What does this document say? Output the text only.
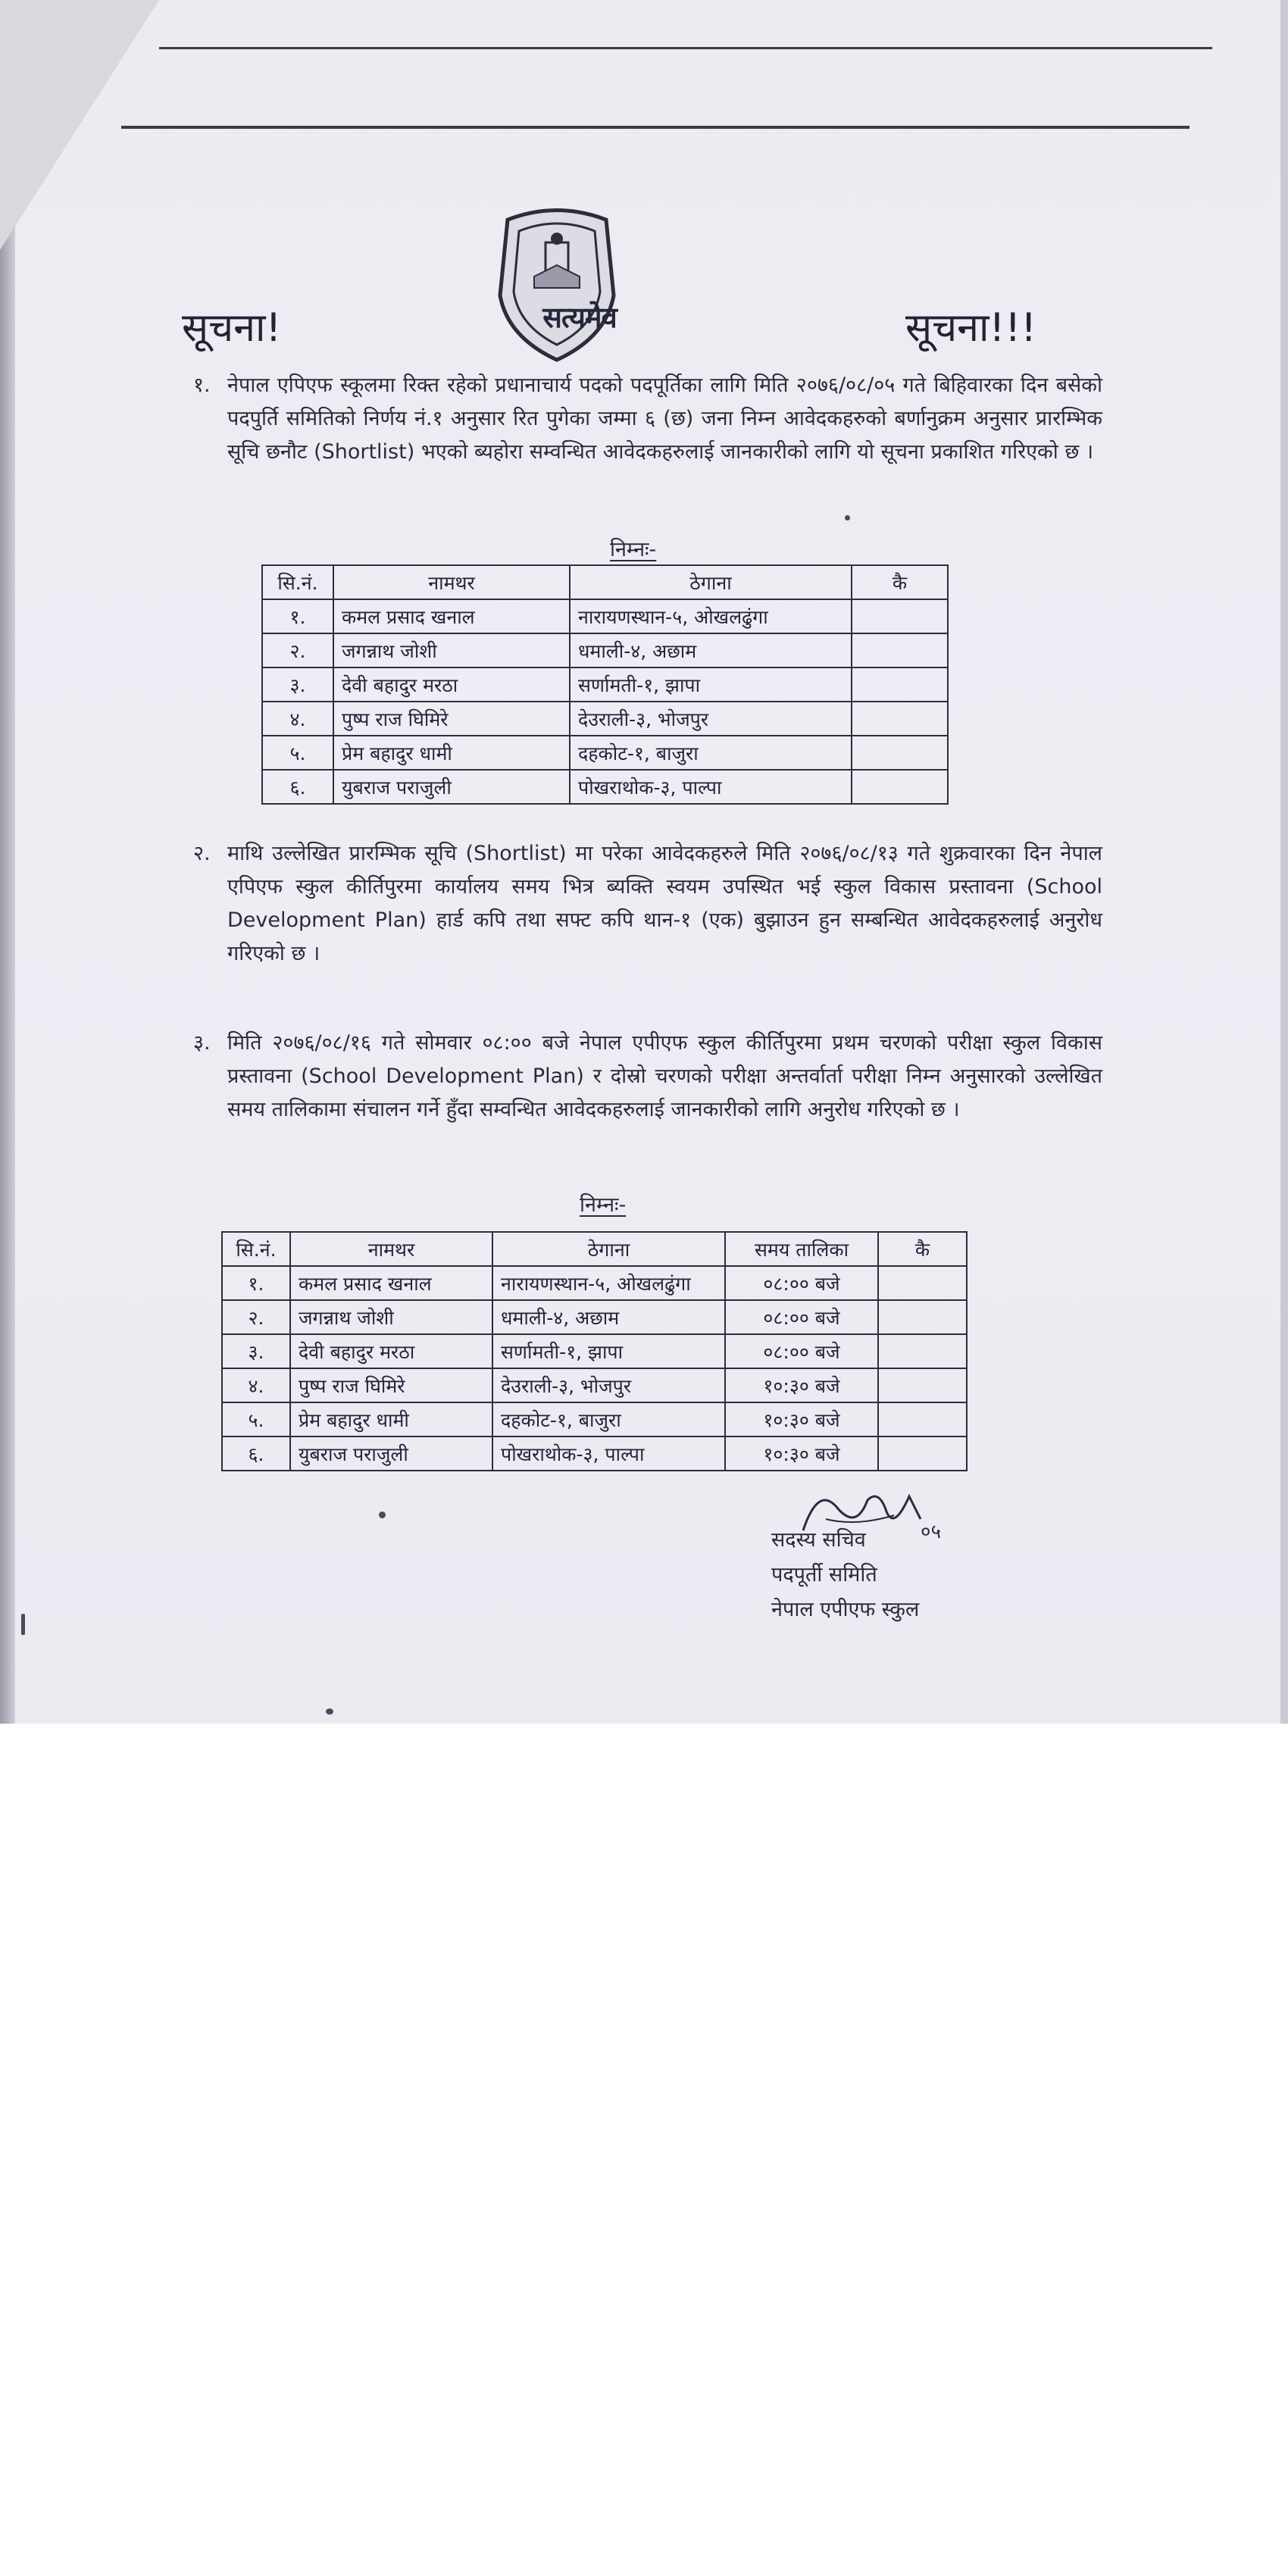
सूचना!	सूचना!!!
सत्यमेव
१. नेपाल एपिएफ स्कूलमा रिक्त रहेको प्रधानाचार्य पदको पदपूर्तिका लागि मिति २०७६/०८/०५ गते बिहिवारका दिन बसेको पदपुर्ति समितिको निर्णय नं.१ अनुसार रित पुगेका जम्मा ६ (छ) जना निम्न आवेदकहरुको बर्णानुक्रम अनुसार प्रारम्भिक सूचि छनौट (Shortlist) भएको ब्यहोरा सम्वन्धित आवेदकहरुलाई जानकारीको लागि यो सूचना प्रकाशित गरिएको छ ।
निम्नः-
सि.नं.	नामथर	ठेगाना	कै
१.	कमल प्रसाद खनाल	नारायणस्थान-५, ओखलढुंगा	
२.	जगन्नाथ जोशी	धमाली-४, अछाम	
३.	देवी बहादुर मरठा	सर्णामती-१, झापा	
४.	पुष्प राज घिमिरे	देउराली-३, भोजपुर	
५.	प्रेम बहादुर धामी	दहकोट-१, बाजुरा	
६.	युबराज पराजुली	पोखराथोक-३, पाल्पा	
२. माथि उल्लेखित प्रारम्भिक सूचि (Shortlist) मा परेका आवेदकहरुले मिति २०७६/०८/१३ गते शुक्रवारका दिन नेपाल एपिएफ स्कुल कीर्तिपुरमा कार्यालय समय भित्र ब्यक्ति स्वयम उपस्थित भई स्कुल विकास प्रस्तावना (School Development Plan) हार्ड कपि तथा सफ्ट कपि थान-१ (एक) बुझाउन हुन सम्बन्धित आवेदकहरुलाई अनुरोध गरिएको छ ।
३. मिति २०७६/०८/१६ गते सोमवार ०८:०० बजे नेपाल एपीएफ स्कुल कीर्तिपुरमा प्रथम चरणको परीक्षा स्कुल विकास प्रस्तावना (School Development Plan) र दोस्रो चरणको परीक्षा अन्तर्वार्ता परीक्षा निम्न अनुसारको उल्लेखित समय तालिकामा संचालन गर्ने हुँदा सम्वन्धित आवेदकहरुलाई जानकारीको लागि अनुरोध गरिएको छ ।
निम्नः-
सि.नं.	नामथर	ठेगाना	समय तालिका	कै
१.	कमल प्रसाद खनाल	नारायणस्थान-५, ओखलढुंगा	०८:०० बजे	
२.	जगन्नाथ जोशी	धमाली-४, अछाम	०८:०० बजे	
३.	देवी बहादुर मरठा	सर्णामती-१, झापा	०८:०० बजे	
४.	पुष्प राज घिमिरे	देउराली-३, भोजपुर	१०:३० बजे	
५.	प्रेम बहादुर धामी	दहकोट-१, बाजुरा	१०:३० बजे	
६.	युबराज पराजुली	पोखराथोक-३, पाल्पा	१०:३० बजे	
०५
सदस्य सचिव
पदपूर्ती समिति
नेपाल एपीएफ स्कुल
